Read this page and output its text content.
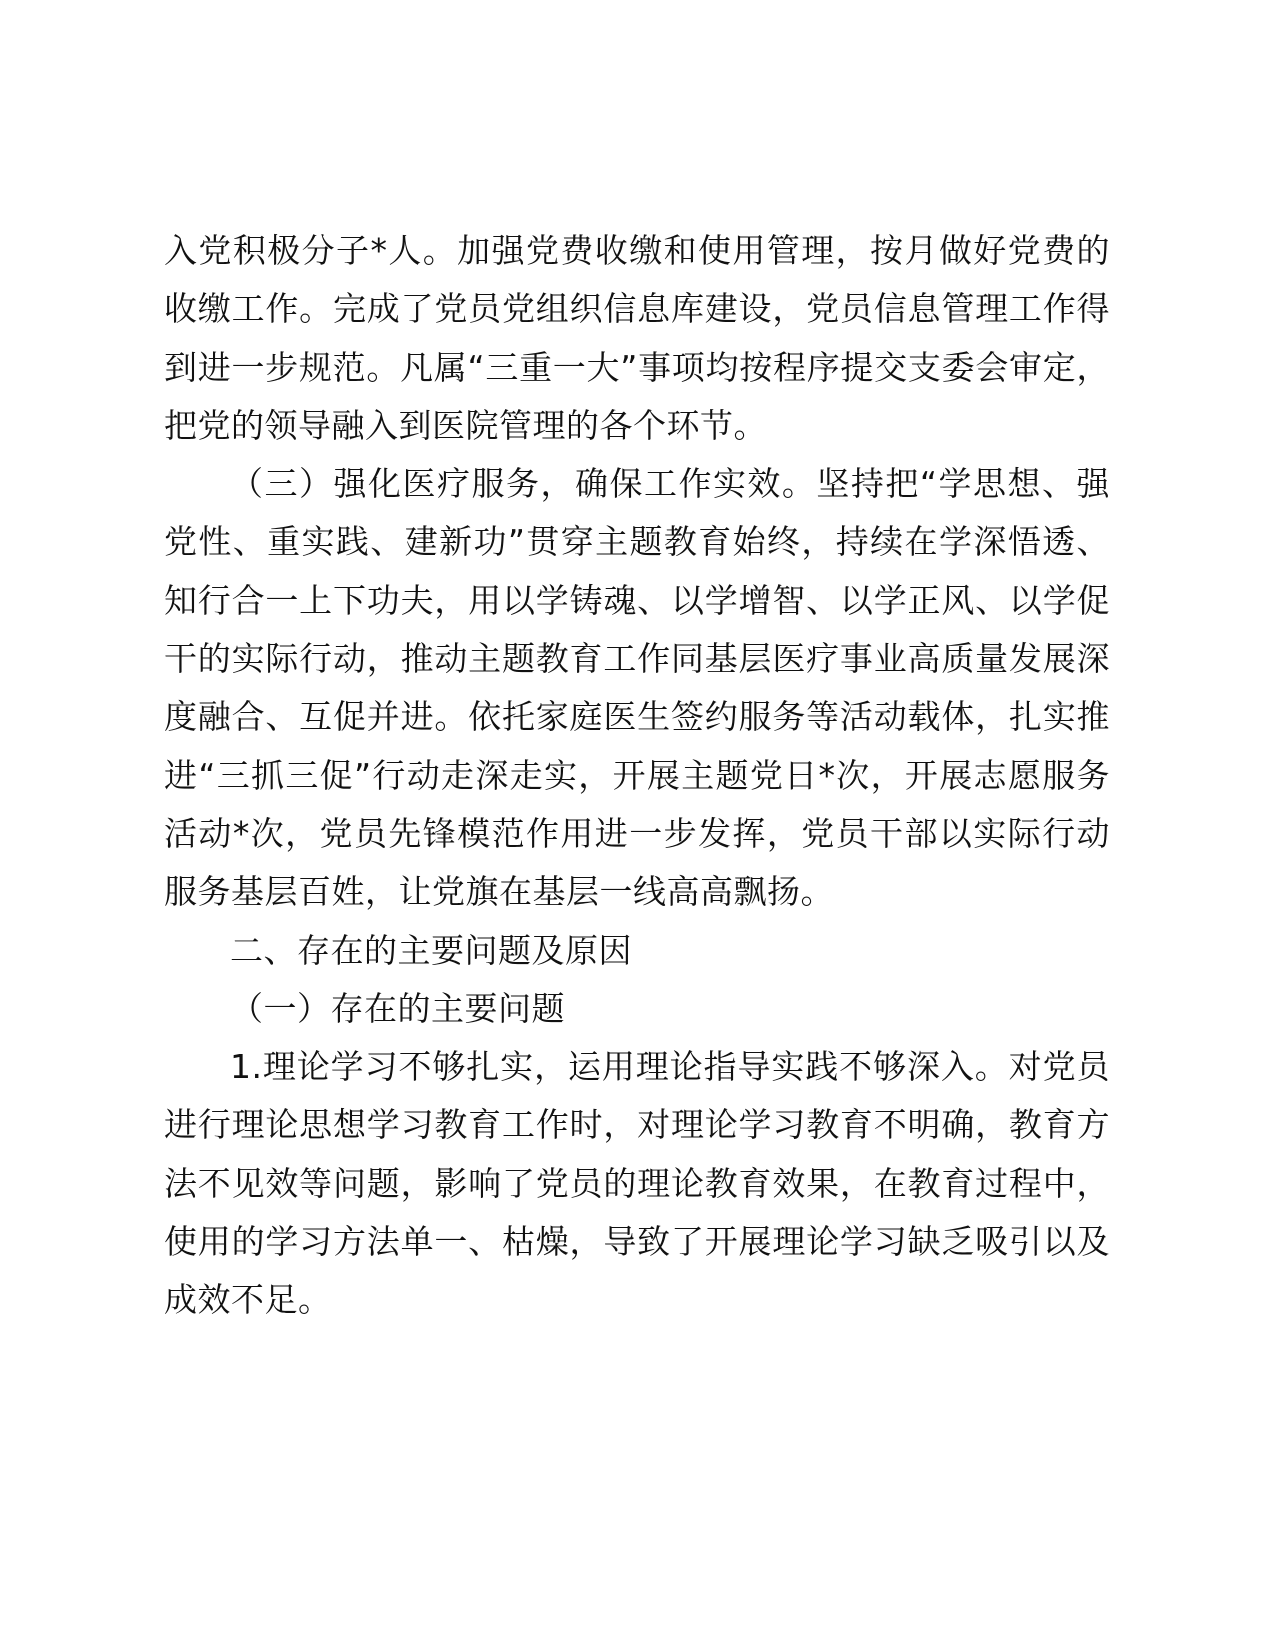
入党积极分子*人。加强党费收缴和使用管理，按月做好党费的收缴工作。完成了党员党组织信息库建设，党员信息管理工作得到进一步规范。凡属“三重一大”事项均按程序提交支委会审定，把党的领导融入到医院管理的各个环节。

（三）强化医疗服务，确保工作实效。坚持把“学思想、强党性、重实践、建新功”贯穿主题教育始终，持续在学深悟透、知行合一上下功夫，用以学铸魂、以学增智、以学正风、以学促干的实际行动，推动主题教育工作同基层医疗事业高质量发展深度融合、互促并进。依托家庭医生签约服务等活动载体，扎实推进“三抓三促”行动走深走实，开展主题党日*次，开展志愿服务活动*次，党员先锋模范作用进一步发挥，党员干部以实际行动服务基层百姓，让党旗在基层一线高高飘扬。

二、存在的主要问题及原因

（一）存在的主要问题

1.理论学习不够扎实，运用理论指导实践不够深入。对党员进行理论思想学习教育工作时，对理论学习教育不明确，教育方法不见效等问题，影响了党员的理论教育效果，在教育过程中，使用的学习方法单一、枯燥，导致了开展理论学习缺乏吸引以及成效不足。
